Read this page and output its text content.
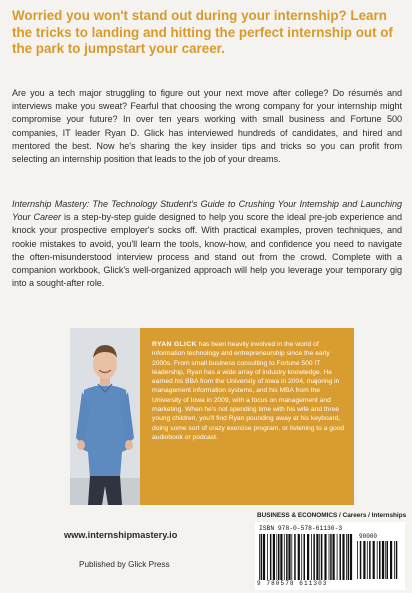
Worried you won't stand out during your internship? Learn the tricks to landing and hitting the perfect internship out of the park to jumpstart your career.

Are you a tech major struggling to figure out your next move after college? Do résumés and interviews make you sweat? Fearful that choosing the wrong company for your internship might compromise your future? In over ten years working with small business and Fortune 500 companies, IT leader Ryan D. Glick has interviewed hundreds of candidates, and hired and mentored the best. Now he's sharing the key insider tips and tricks so you can profit from selecting an internship position that leads to the job of your dreams.

Internship Mastery: The Technology Student's Guide to Crushing Your Internship and Launching Your Career is a step-by-step guide designed to help you score the ideal pre-job experience and knock your prospective employer's socks off. With practical examples, proven techniques, and rookie mistakes to avoid, you'll learn the tools, know-how, and confidence you need to navigate the often-misunderstood interview process and stand out from the crowd. Complete with a companion workbook, Glick's well-organized approach will help you leverage your temporary gig into a sought-after role.

RYAN GLICK has been heavily involved in the world of information technology and entrepreneurship since the early 2000s. From small business consulting to Fortune 500 IT leadership, Ryan has a wide array of industry knowledge. He earned his BBA from the University of Iowa in 2004, majoring in management information systems, and his MBA from the University of Iowa in 2009, with a focus on management and marketing. When he's not spending time with his wife and three young children, you'll find Ryan pounding away at his keyboard, doing some sort of crazy exercise program, or listening to a good audiobook or podcast.

BUSINESS & ECONOMICS / Careers / Internships

ISBN 978-0-578-61130-3

9 780578 611303

90000

www.internshipmastery.io

Published by Glick Press
